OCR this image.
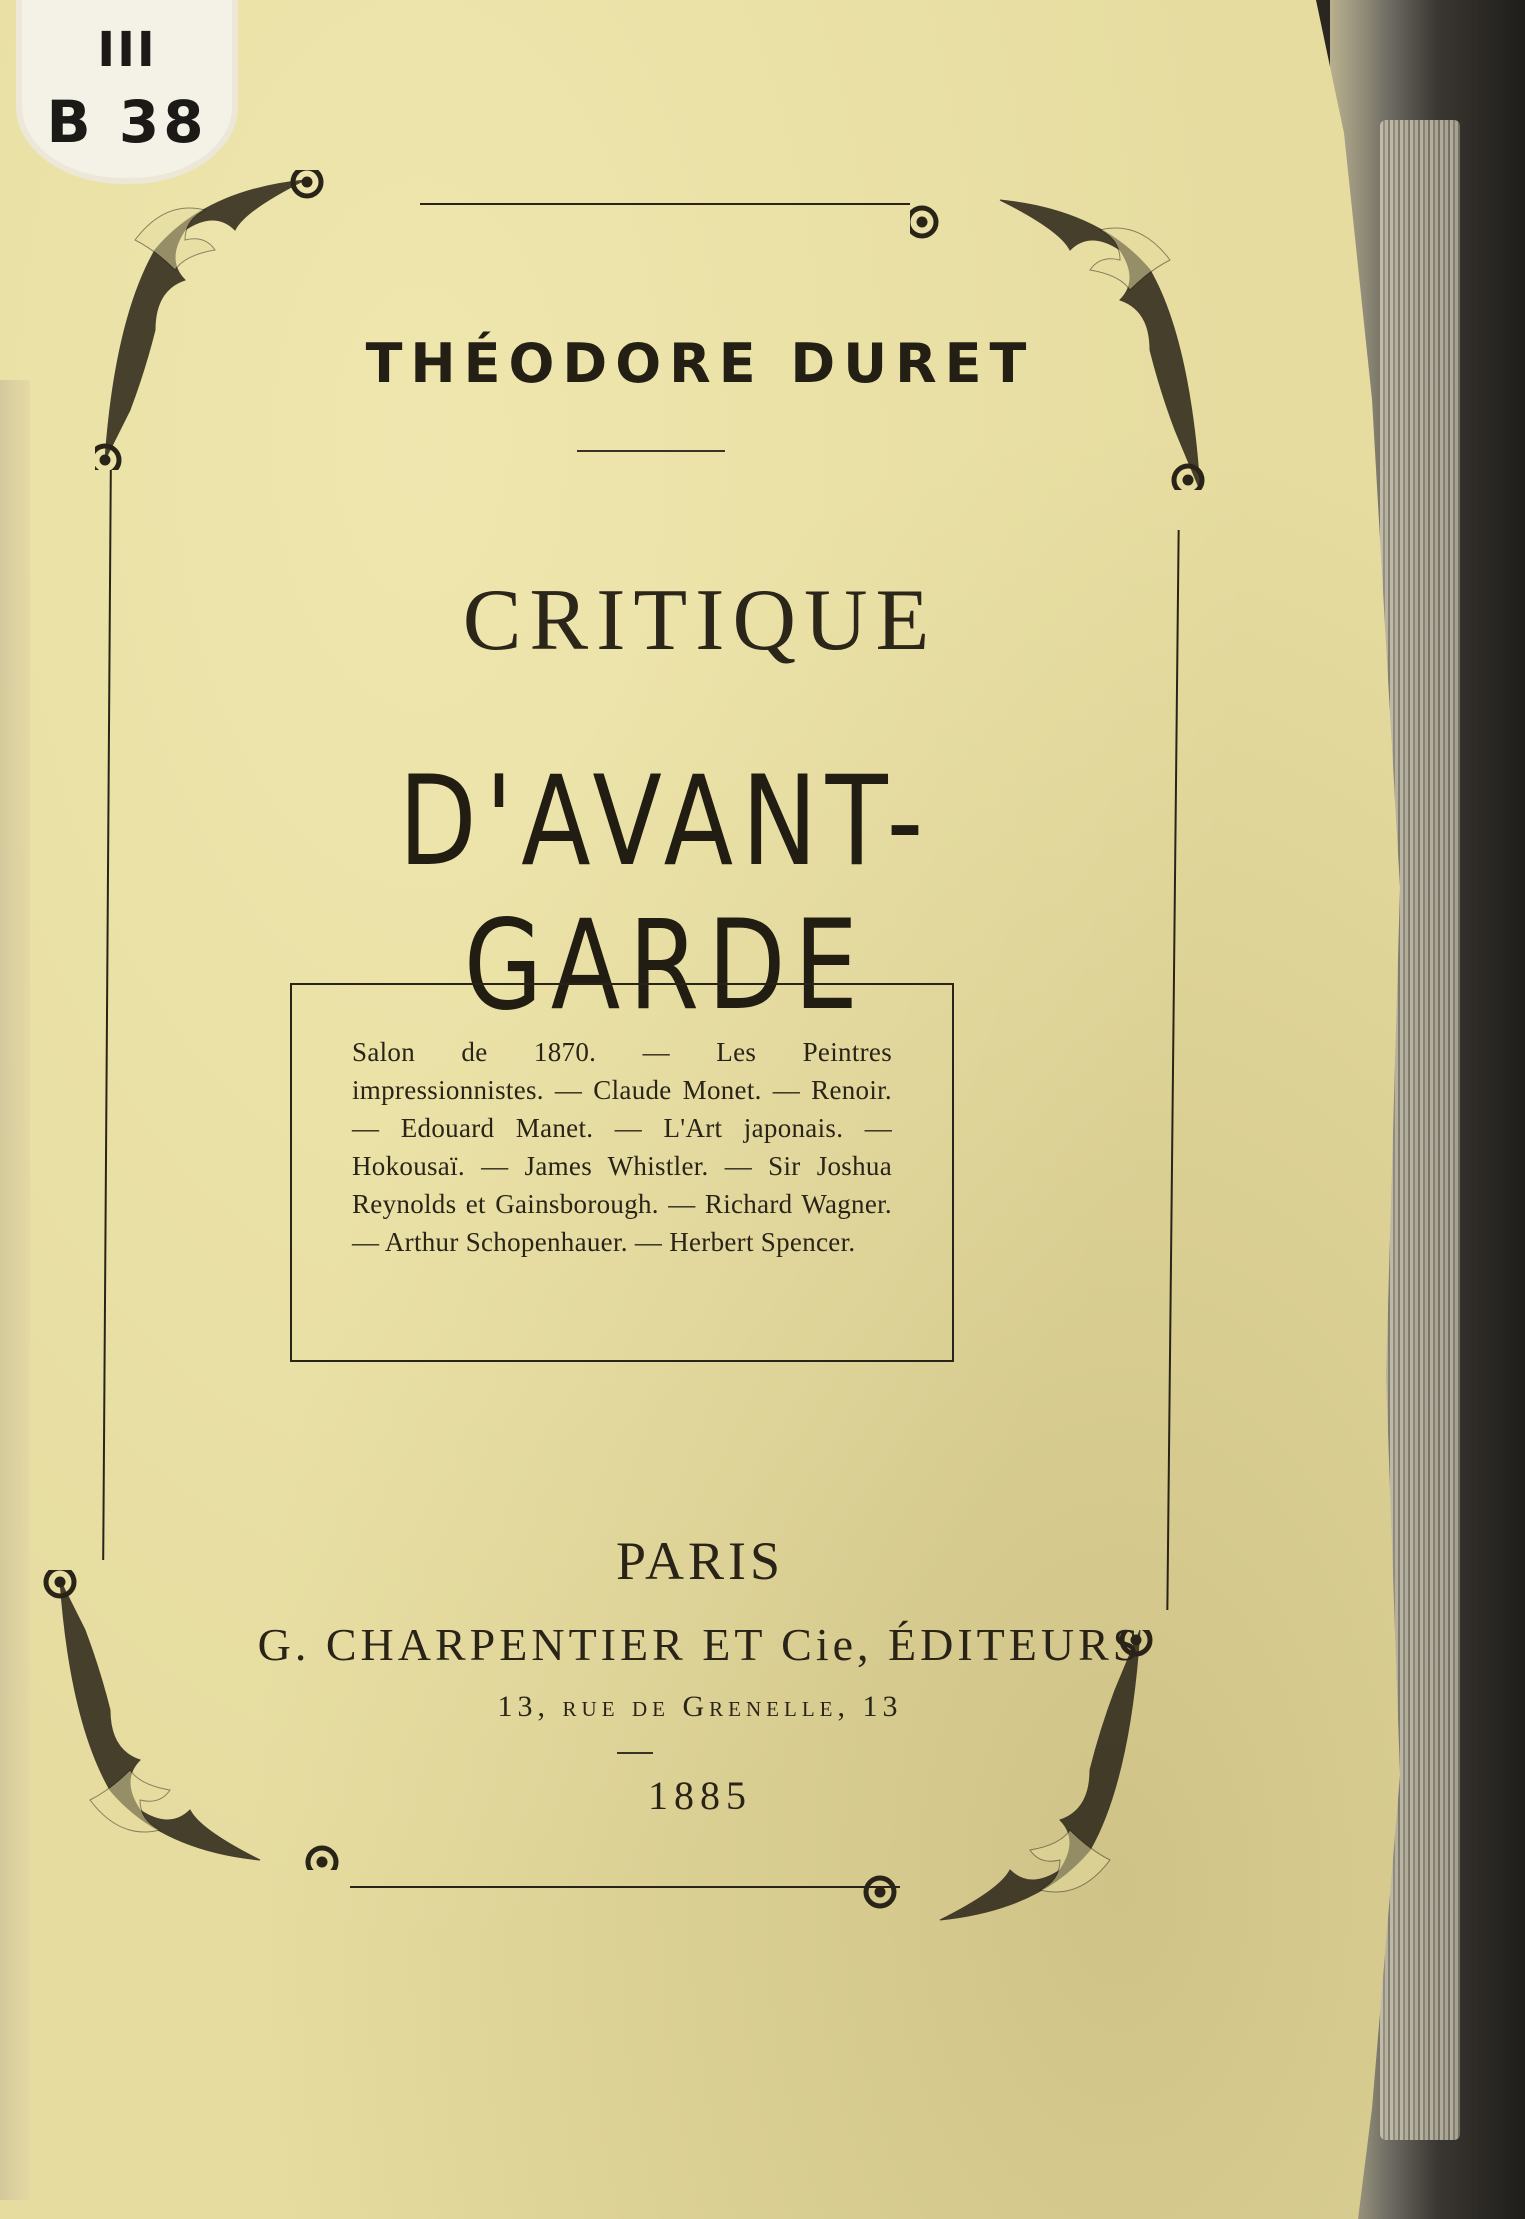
III
B 38
THÉODORE DURET
CRITIQUE
D'AVANT-GARDE

Salon de 1870. — Les Peintres impressionnistes. — Claude Monet. — Renoir. — Edouard Manet. — L'Art japonais. — Hokousaï. — James Whistler. — Sir Joshua Reynolds et Gainsborough. — Richard Wagner. — Arthur Schopenhauer. — Herbert Spencer.

PARIS
G. CHARPENTIER ET Cie, ÉDITEURS
13, rue de Grenelle, 13
1885
